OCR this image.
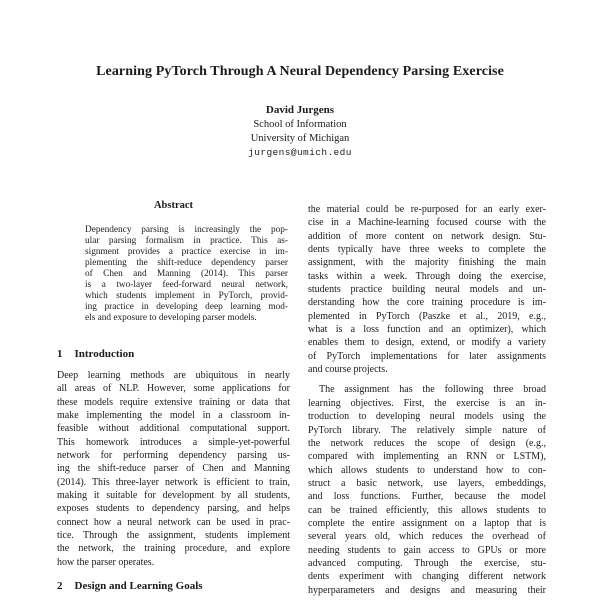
Learning PyTorch Through A Neural Dependency Parsing Exercise
David Jurgens
School of Information
University of Michigan
jurgens@umich.edu
Abstract
Dependency parsing is increasingly the pop-
ular parsing formalism in practice. This as-
signment provides a practice exercise in im-
plementing the shift-reduce dependency parser
of Chen and Manning (2014). This parser
is a two-layer feed-forward neural network,
which students implement in PyTorch, provid-
ing practice in developing deep learning mod-
els and exposure to developing parser models.
1 Introduction
Deep learning methods are ubiquitous in nearly
all areas of NLP. However, some applications for
these models require extensive training or data that
make implementing the model in a classroom in-
feasible without additional computational support.
This homework introduces a simple-yet-powerful
network for performing dependency parsing us-
ing the shift-reduce parser of Chen and Manning
(2014). This three-layer network is efficient to train,
making it suitable for development by all students,
exposes students to dependency parsing, and helps
connect how a neural network can be used in prac-
tice. Through the assignment, students implement
the network, the training procedure, and explore
how the parser operates.
2 Design and Learning Goals
the material could be re-purposed for an early exer-
cise in a Machine-learning focused course with the
addition of more content on network design. Stu-
dents typically have three weeks to complete the
assignment, with the majority finishing the main
tasks within a week. Through doing the exercise,
students practice building neural models and un-
derstanding how the core training procedure is im-
plemented in PyTorch (Paszke et al., 2019, e.g.,
what is a loss function and an optimizer), which
enables them to design, extend, or modify a variety
of PyTorch implementations for later assignments
and course projects.
The assignment has the following three broad
learning objectives. First, the exercise is an in-
troduction to developing neural models using the
PyTorch library. The relatively simple nature of
the network reduces the scope of design (e.g.,
compared with implementing an RNN or LSTM),
which allows students to understand how to con-
struct a basic network, use layers, embeddings,
and loss functions. Further, because the model
can be trained efficiently, this allows students to
complete the entire assignment on a laptop that is
several years old, which reduces the overhead of
needing students to gain access to GPUs or more
advanced computing. Through the exercise, stu-
dents experiment with changing different network
hyperparameters and designs and measuring their
